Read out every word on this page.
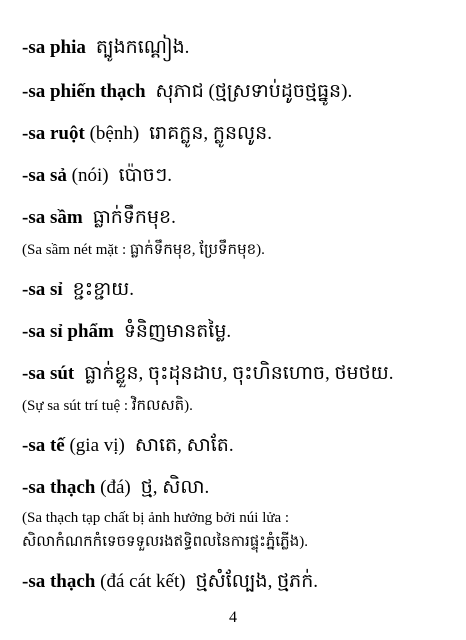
-sa phia ត្បូងកណ្ដៀង.
-sa phiến thạch សុភាជ (ថ្មស្រទាប់ដូចថ្មធ្នូន).
-sa ruột (bệnh) រោគក្លូន, ក្លូនលូន.
-sa sả (nói) ប៉ោចៗ.
-sa sầm ធ្លាក់ទឹកមុខ.
(Sa sầm nét mặt : ធ្លាក់ទឹកមុខ, ប្រែទឹកមុខ).
-sa sỉ ខ្ជះខ្ជាយ.
-sa sỉ phẩm ទំនិញមានតម្លៃ.
-sa sút ធ្លាក់ខ្លួន, ចុះដុនដាប, ចុះហិនហោច, ថមថយ.
(Sự sa sút trí tuệ : វិកលសតិ).
-sa tế (gia vị) សាតេ, សាតែ.
-sa thạch (đá) ថ្ម, សិលា.
(Sa thạch tạp chất bị ảnh hưởng bởi núi lửa :
សិលាកំណកកំទេចទទួលរងឥទ្ធិពលនៃការផ្ទុះភ្នំភ្លើង).
-sa thạch (đá cát kết) ថ្មសំល្បែង, ថ្មភក់.
4
